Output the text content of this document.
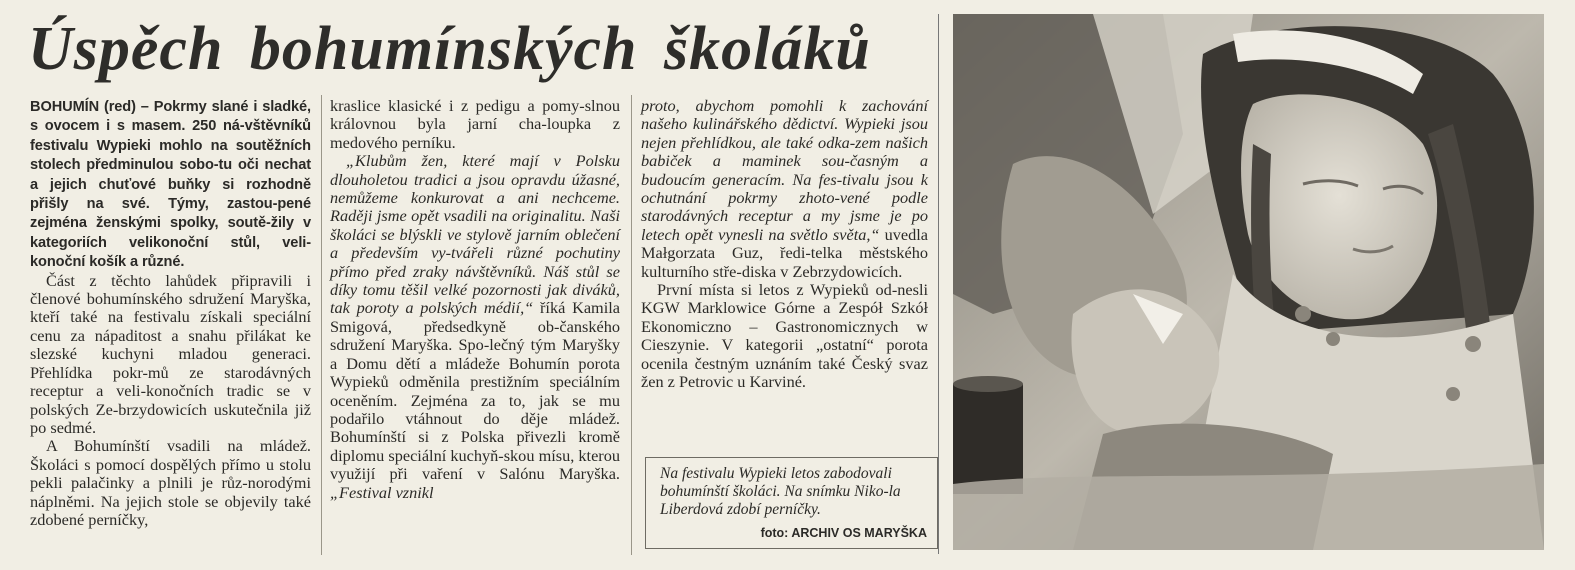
Úspěch bohumínských školáků

BOHUMÍN (red) – Pokrmy slané i sladké, s ovocem i s masem. 250 ná-vštěvníků festivalu Wypieki mohlo na soutěžních stolech předminulou sobo-tu oči nechat a jejich chuťové buňky si rozhodně přišly na své. Týmy, zastou-pené zejména ženskými spolky, soutě-žily v kategoriích velikonoční stůl, veli-konoční košík a různé.

Část z těchto lahůdek připravili i členové bohumínského sdružení Maryška, kteří také na festivalu získali speciální cenu za nápaditost a snahu přilákat ke slezské kuchyni mladou generaci. Přehlídka pokr-mů ze starodávných receptur a veli-konočních tradic se v polských Ze-brzydowicích uskutečnila již po sedmé.

A Bohumínští vsadili na mládež. Školáci s pomocí dospělých přímo u stolu pekli palačinky a plnili je růz-norodými náplněmi. Na jejich stole se objevily také zdobené perníčky,

kraslice klasické i z pedigu a pomy-slnou královnou byla jarní cha-loupka z medového perníku.

„Klubům žen, které mají v Polsku dlouholetou tradici a jsou opravdu úžasné, nemůžeme konkurovat a ani nechceme. Raději jsme opět vsadili na originalitu. Naši školáci se blýskli ve stylově jarním oblečení a především vy-tvářeli různé pochutiny přímo před zraky návštěvníků. Náš stůl se díky tomu těšil velké pozornosti jak diváků, tak poroty a polských médií,“ říká Kamila Smigová, předsedkyně ob-čanského sdružení Maryška. Spo-lečný tým Maryšky a Domu dětí a mládeže Bohumín porota Wypieků odměnila prestižním speciálním oceněním. Zejména za to, jak se mu podařilo vtáhnout do děje mládež. Bohumínští si z Polska přivezli kromě diplomu speciální kuchyň-skou mísu, kterou využijí při vaření v Salónu Maryška. „Festival vznikl

proto, abychom pomohli k zachování našeho kulinářského dědictví. Wypieki jsou nejen přehlídkou, ale také odka-zem našich babiček a maminek sou-časným a budoucím generacím. Na fes-tivalu jsou k ochutnání pokrmy zhoto-vené podle starodávných receptur a my jsme je po letech opět vynesli na světlo světa,“ uvedla Małgorzata Guz, ředi-telka městského kulturního stře-diska v Zebrzydowicích.

První místa si letos z Wypieků od-nesli KGW Marklowice Górne a Zespół Szkół Ekonomiczno – Gastronomicznych w Cieszynie. V kategorii „ostatní“ porota ocenila čestným uznáním také Český svaz žen z Petrovic u Karviné.

Na festivalu Wypieki letos zabodovali bohumínští školáci. Na snímku Niko-la Liberdová zdobí perníčky.
foto: ARCHIV OS MARYŠKA
